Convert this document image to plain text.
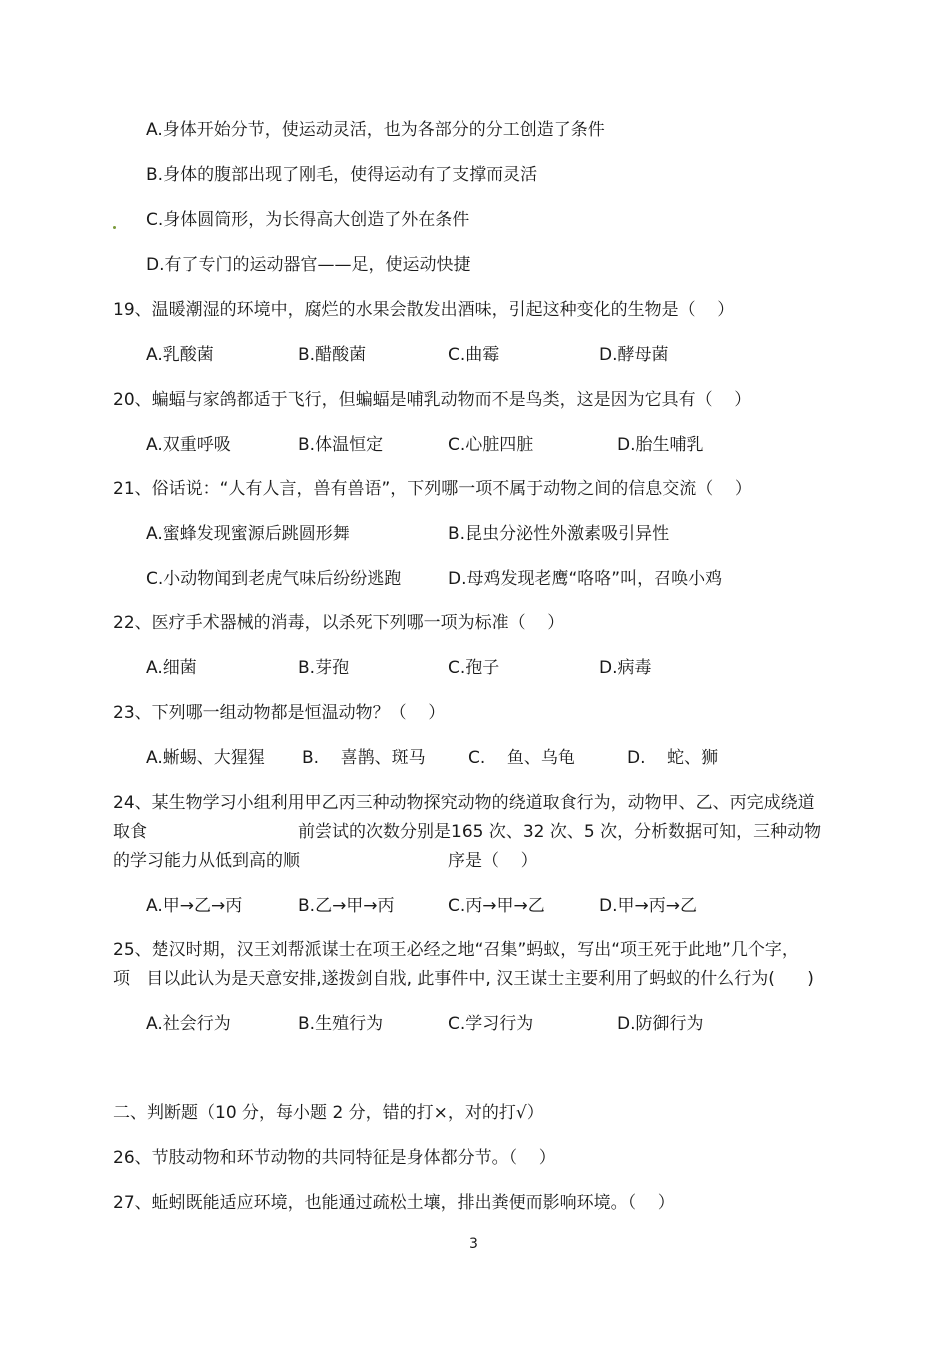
A.身体开始分节，使运动灵活，也为各部分的分工创造了条件
B.身体的腹部出现了刚毛，使得运动有了支撑而灵活
C.身体圆筒形，为长得高大创造了外在条件
D.有了专门的运动器官——足，使运动快捷
19、温暖潮湿的环境中，腐烂的水果会散发出酒味，引起这种变化的生物是（    ）
A.乳酸菌	B.醋酸菌	C.曲霉	D.酵母菌
20、蝙蝠与家鸽都适于飞行，但蝙蝠是哺乳动物而不是鸟类，这是因为它具有（    ）
A.双重呼吸	B.体温恒定	C.心脏四脏	D.胎生哺乳
21、俗话说：“人有人言，兽有兽语”，下列哪一项不属于动物之间的信息交流（    ）
A.蜜蜂发现蜜源后跳圆形舞	B.昆虫分泌性外激素吸引异性
C.小动物闻到老虎气味后纷纷逃跑	D.母鸡发现老鹰“咯咯”叫，召唤小鸡
22、医疗手术器械的消毒，以杀死下列哪一项为标准（    ）
A.细菌	B.芽孢	C.孢子	D.病毒
23、下列哪一组动物都是恒温动物？（    ）
A.蜥蜴、大猩猩 B.    喜鹊、斑马 C.    鱼、乌龟	D.    蛇、狮
24、某生物学习小组利用甲乙丙三种动物探究动物的绕道取食行为，动物甲、乙、丙完成绕道
取食	前尝试的次数分别是165 次、32 次、5 次，分析数据可知，三种动物
的学习能力从低到高的顺	序是（    ）
A.甲→乙→丙	B.乙→甲→丙	C.丙→甲→乙	D.甲→丙→乙
25、楚汉时期，汉王刘帮派谋士在项王必经之地“召集”蚂蚁，写出“项王死于此地”几个字，
项   目以此认为是天意安排,遂拨剑自戕, 此事件中, 汉王谋士主要利用了蚂蚁的什么行为(      )
A.社会行为	B.生殖行为	C.学习行为	D.防御行为
二、判断题（10 分，每小题 2 分，错的打×，对的打√）
26、节肢动物和环节动物的共同特征是身体都分节。（    ）
27、蚯蚓既能适应环境，也能通过疏松土壤，排出粪便而影响环境。（    ）
3
